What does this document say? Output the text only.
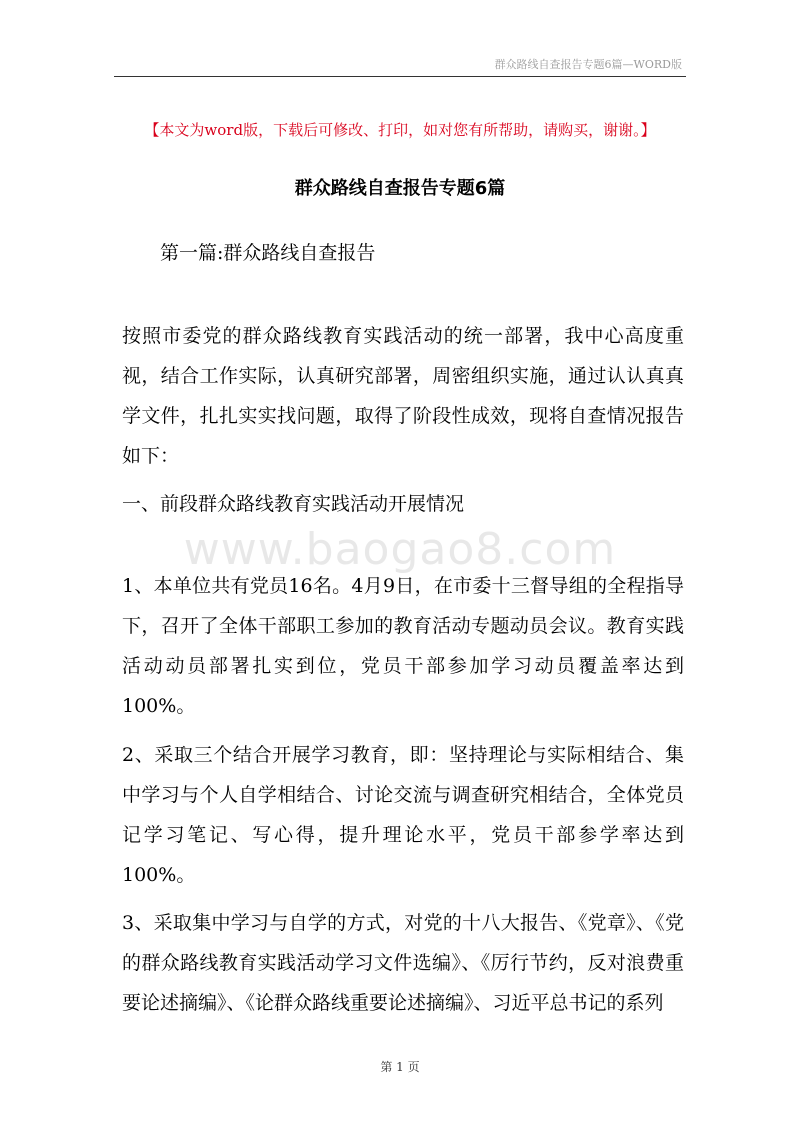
群众路线自查报告专题6篇—WORD版
【本文为word版，下载后可修改、打印，如对您有所帮助，请购买，谢谢。】
群众路线自查报告专题6篇
第一篇:群众路线自查报告
按照市委党的群众路线教育实践活动的统一部署，我中心高度重视，结合工作实际，认真研究部署，周密组织实施，通过认认真真学文件，扎扎实实找问题，取得了阶段性成效，现将自查情况报告如下：
一、前段群众路线教育实践活动开展情况
www.baogao8.com
1、本单位共有党员16名。4月9日，在市委十三督导组的全程指导下，召开了全体干部职工参加的教育活动专题动员会议。教育实践活动动员部署扎实到位，党员干部参加学习动员覆盖率达到100%。
2、采取三个结合开展学习教育，即：坚持理论与实际相结合、集中学习与个人自学相结合、讨论交流与调查研究相结合，全体党员记学习笔记、写心得，提升理论水平，党员干部参学率达到100%。
3、采取集中学习与自学的方式，对党的十八大报告、《党章》、《党的群众路线教育实践活动学习文件选编》、《厉行节约，反对浪费重要论述摘编》、《论群众路线重要论述摘编》、习近平总书记的系列
第 1 页
